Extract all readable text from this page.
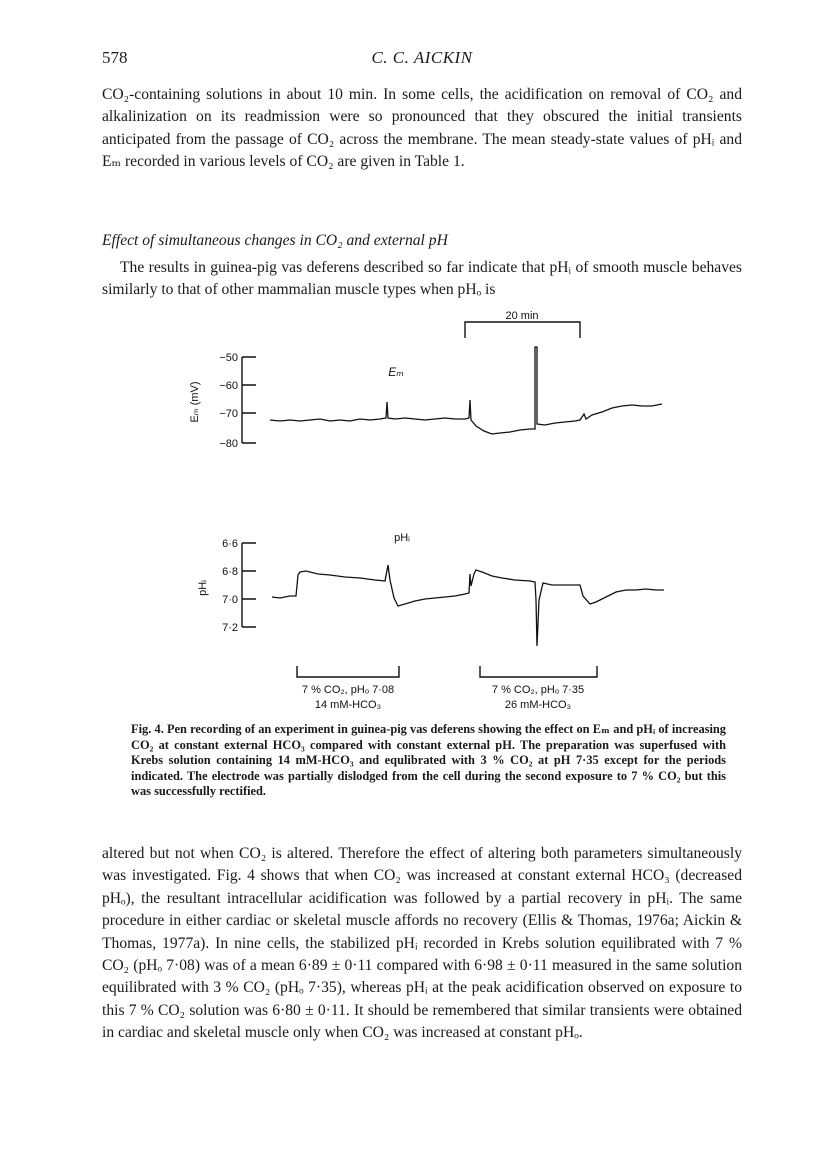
578	C. C. AICKIN

CO₂-containing solutions in about 10 min. In some cells, the acidification on removal of CO₂ and alkalinization on its readmission were so pronounced that they obscured the initial transients anticipated from the passage of CO₂ across the membrane. The mean steady-state values of pHᵢ and Eₘ recorded in various levels of CO₂ are given in Table 1.

Effect of simultaneous changes in CO₂ and external pH

The results in guinea-pig vas deferens described so far indicate that pHᵢ of smooth muscle behaves similarly to that of other mammalian muscle types when pHₒ is

20 min
−50
−60
−70
−80
Eₘ (mV)
Eₘ
6·6
6·8
7·0
7·2
pHᵢ
pHᵢ
7 % CO₂, pHₒ 7·08
14 mM-HCO₃
7 % CO₂, pHₒ 7·35
26 mM-HCO₃

Fig. 4. Pen recording of an experiment in guinea-pig vas deferens showing the effect on Eₘ and pHᵢ of increasing CO₂ at constant external HCO₃ compared with constant external pH. The preparation was superfused with Krebs solution containing 14 mM-HCO₃ and equlibrated with 3 % CO₂ at pH 7·35 except for the periods indicated. The electrode was partially dislodged from the cell during the second exposure to 7 % CO₂ but this was successfully rectified.

altered but not when CO₂ is altered. Therefore the effect of altering both parameters simultaneously was investigated. Fig. 4 shows that when CO₂ was increased at constant external HCO₃ (decreased pHₒ), the resultant intracellular acidification was followed by a partial recovery in pHᵢ. The same procedure in either cardiac or skeletal muscle affords no recovery (Ellis & Thomas, 1976a; Aickin & Thomas, 1977a). In nine cells, the stabilized pHᵢ recorded in Krebs solution equilibrated with 7 % CO₂ (pHₒ 7·08) was of a mean 6·89 ± 0·11 compared with 6·98 ± 0·11 measured in the same solution equilibrated with 3 % CO₂ (pHₒ 7·35), whereas pHᵢ at the peak acidification observed on exposure to this 7 % CO₂ solution was 6·80 ± 0·11. It should be remembered that similar transients were obtained in cardiac and skeletal muscle only when CO₂ was increased at constant pHₒ.
